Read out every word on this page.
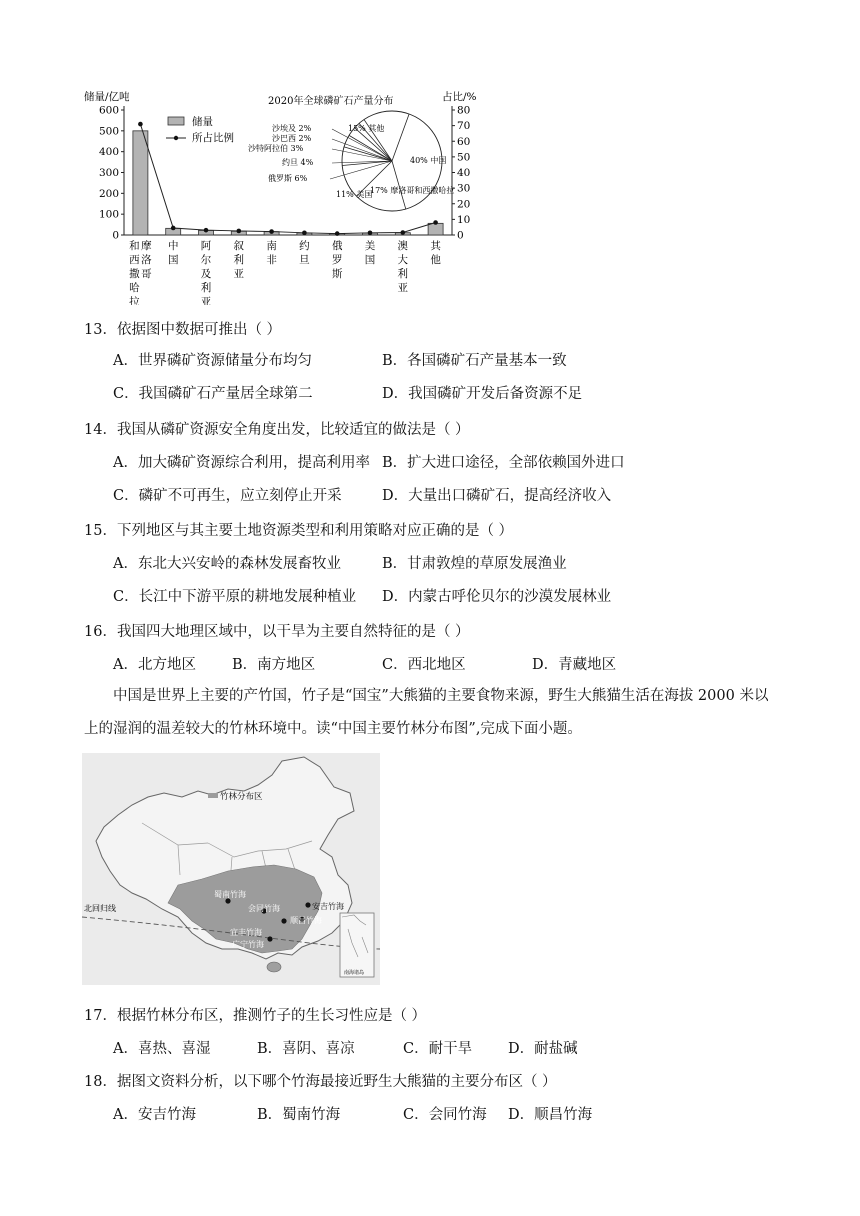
0
100
200
300
400
500
600
0
10
20
30
40
50
60
70
80
摩
洛
哥
和
西
撒
哈
拉
中
国
阿
尔
及
利
亚
叙
利
亚
南
非
约
旦
俄
罗
斯
美
国
澳
大
利
亚
其
他
储量/亿吨	占比/%
储量
所占比例
2020年全球磷矿石产量分布
40% 中国
17% 摩洛哥和西撒哈拉
11% 美国
俄罗斯 6%
约旦 4%
沙特阿拉伯 3%
沙巴西 2%
沙埃及 2%	15% 其他
13．依据图中数据可推出（ ）
A．世界磷矿资源储量分布均匀	B．各国磷矿石产量基本一致
C．我国磷矿石产量居全球第二	D．我国磷矿开发后备资源不足
14．我国从磷矿资源安全角度出发，比较适宜的做法是（ ）
A．加大磷矿资源综合利用，提高利用率 B．扩大进口途径，全部依赖国外进口
C．磷矿不可再生，应立刻停止开采	D．大量出口磷矿石，提高经济收入
15．下列地区与其主要土地资源类型和利用策略对应正确的是（ ）
A．东北大兴安岭的森林发展畜牧业	B．甘肃敦煌的草原发展渔业
C．长江中下游平原的耕地发展种植业 D．内蒙古呼伦贝尔的沙漠发展林业
16．我国四大地理区域中，以干旱为主要自然特征的是（ ）
A．北方地区 B．南方地区	C．西北地区	D．青藏地区
中国是世界上主要的产竹国，竹子是“国宝”大熊猫的主要食物来源，野生大熊猫生活在海拔 2000 米以
上的湿润的温差较大的竹林环境中。读“中国主要竹林分布图”,完成下面小题。
北回归线
竹林分布区
蜀南竹海
会同竹海	安吉竹海
顺昌竹海
宜丰竹海
广宁竹海
南海诸岛
17．根据竹林分布区，推测竹子的生长习性应是（ ）
A．喜热、喜湿	B．喜阴、喜凉	C．耐干旱 D．耐盐碱
18．据图文资料分析，以下哪个竹海最接近野生大熊猫的主要分布区（ ）
A．安吉竹海	B．蜀南竹海	C．会同竹海 D．顺昌竹海
